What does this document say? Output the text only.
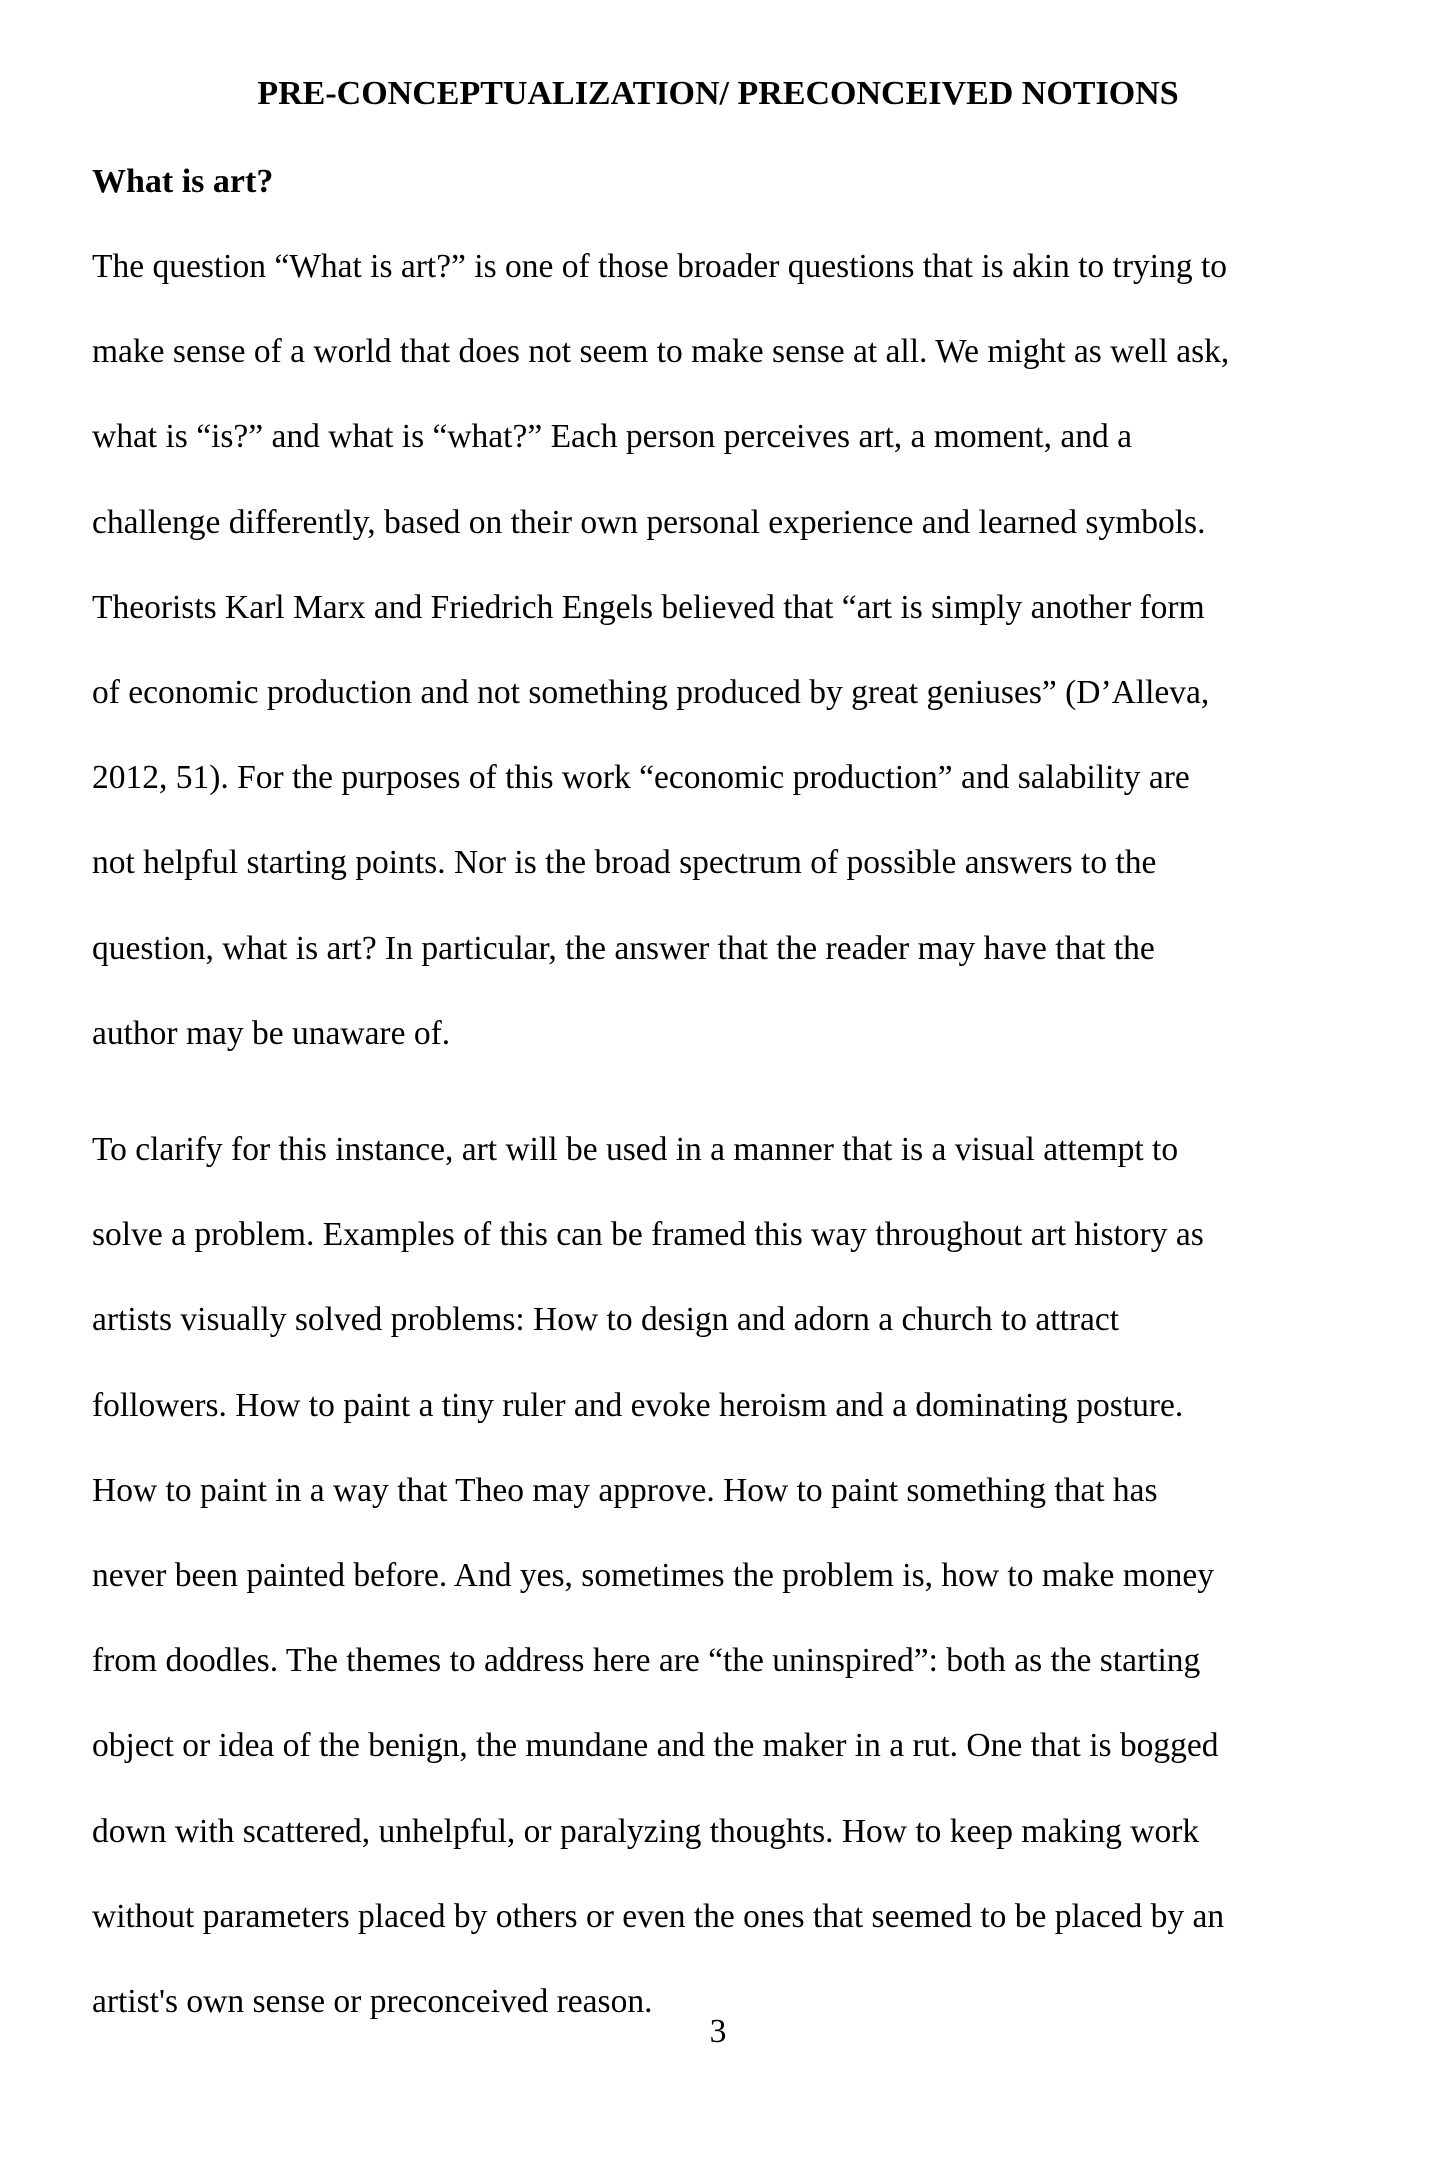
PRE-CONCEPTUALIZATION/ PRECONCEIVED NOTIONS
What is art?
The question “What is art?” is one of those broader questions that is akin to trying to
make sense of a world that does not seem to make sense at all. We might as well ask,
what is “is?” and what is “what?” Each person perceives art, a moment, and a
challenge differently, based on their own personal experience and learned symbols.
Theorists Karl Marx and Friedrich Engels believed that “art is simply another form
of economic production and not something produced by great geniuses” (D’Alleva,
2012, 51). For the purposes of this work “economic production” and salability are
not helpful starting points. Nor is the broad spectrum of possible answers to the
question, what is art? In particular, the answer that the reader may have that the
author may be unaware of.
To clarify for this instance, art will be used in a manner that is a visual attempt to
solve a problem. Examples of this can be framed this way throughout art history as
artists visually solved problems: How to design and adorn a church to attract
followers. How to paint a tiny ruler and evoke heroism and a dominating posture.
How to paint in a way that Theo may approve. How to paint something that has
never been painted before. And yes, sometimes the problem is, how to make money
from doodles. The themes to address here are “the uninspired”: both as the starting
object or idea of the benign, the mundane and the maker in a rut. One that is bogged
down with scattered, unhelpful, or paralyzing thoughts. How to keep making work
without parameters placed by others or even the ones that seemed to be placed by an
artist's own sense or preconceived reason.
3
